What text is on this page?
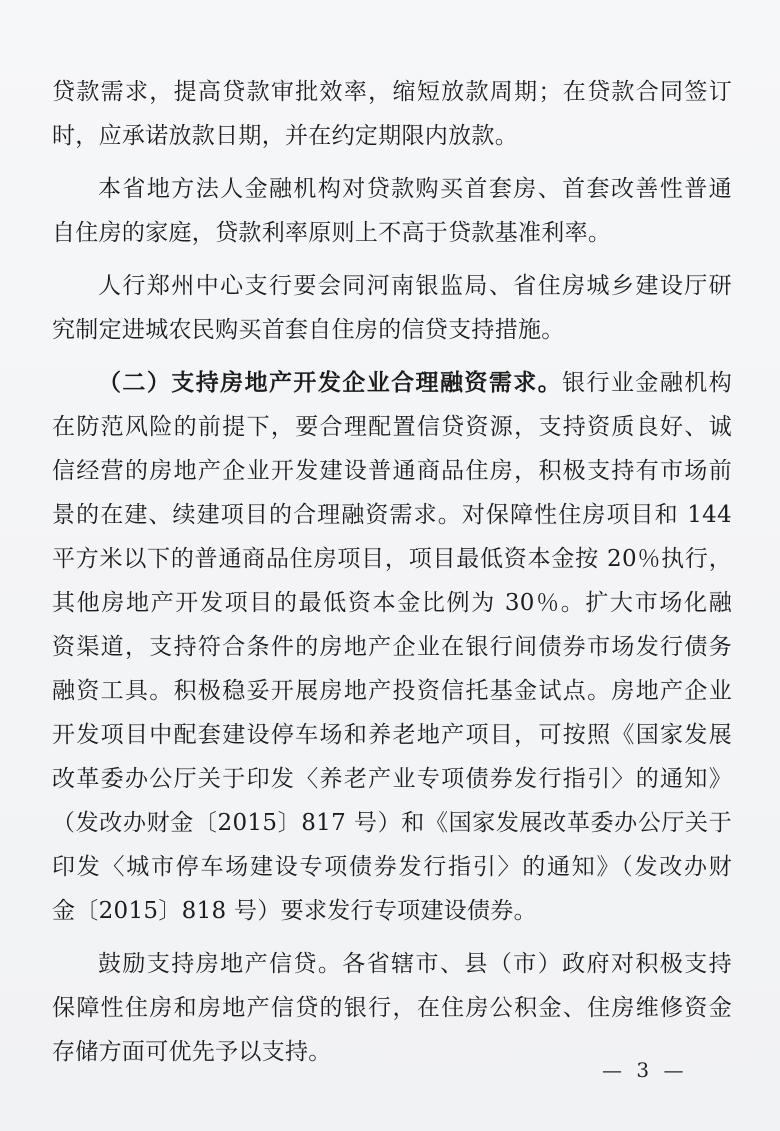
贷款需求，提高贷款审批效率，缩短放款周期；在贷款合同签订
时，应承诺放款日期，并在约定期限内放款。

本省地方法人金融机构对贷款购买首套房、首套改善性普通
自住房的家庭，贷款利率原则上不高于贷款基准利率。

人行郑州中心支行要会同河南银监局、省住房城乡建设厅研
究制定进城农民购买首套自住房的信贷支持措施。

（二）支持房地产开发企业合理融资需求。银行业金融机构
在防范风险的前提下，要合理配置信贷资源，支持资质良好、诚
信经营的房地产企业开发建设普通商品住房，积极支持有市场前
景的在建、续建项目的合理融资需求。对保障性住房项目和 144
平方米以下的普通商品住房项目，项目最低资本金按 20％执行，
其他房地产开发项目的最低资本金比例为 30％。扩大市场化融
资渠道，支持符合条件的房地产企业在银行间债券市场发行债务
融资工具。积极稳妥开展房地产投资信托基金试点。房地产企业
开发项目中配套建设停车场和养老地产项目，可按照《国家发展
改革委办公厅关于印发〈养老产业专项债券发行指引〉的通知》
（发改办财金〔2015〕817 号）和《国家发展改革委办公厅关于
印发〈城市停车场建设专项债券发行指引〉的通知》（发改办财
金〔2015〕818 号）要求发行专项建设债券。

鼓励支持房地产信贷。各省辖市、县（市）政府对积极支持
保障性住房和房地产信贷的银行，在住房公积金、住房维修资金
存储方面可优先予以支持。

— 3 —
